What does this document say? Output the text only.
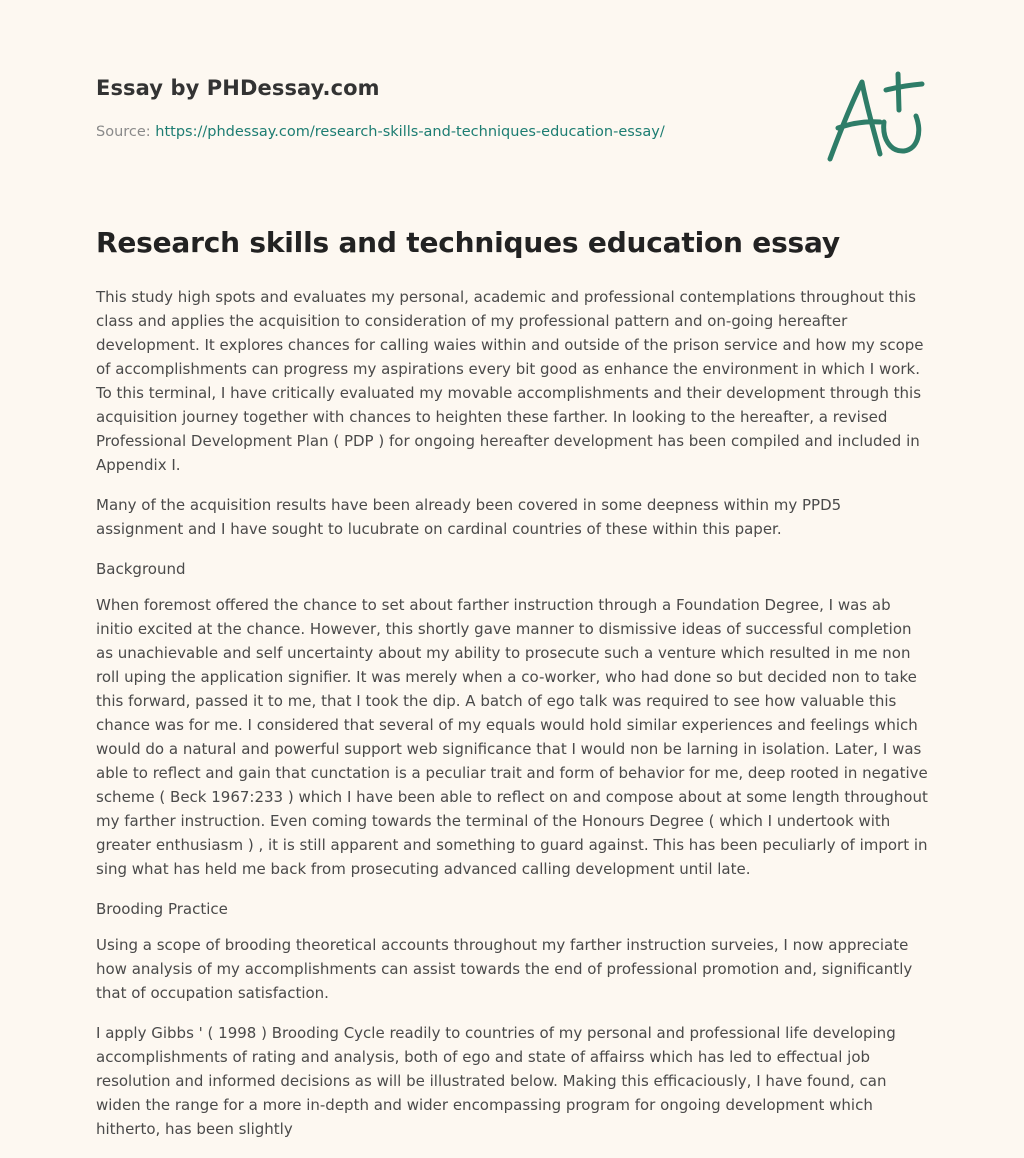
Essay by PHDessay.com
Source: https://phdessay.com/research-skills-and-techniques-education-essay/
Research skills and techniques education essay

This study high spots and evaluates my personal, academic and professional contemplations throughout this class and applies the acquisition to consideration of my professional pattern and on-going hereafter development. It explores chances for calling waies within and outside of the prison service and how my scope of accomplishments can progress my aspirations every bit good as enhance the environment in which I work. To this terminal, I have critically evaluated my movable accomplishments and their development through this acquisition journey together with chances to heighten these farther. In looking to the hereafter, a revised Professional Development Plan ( PDP ) for ongoing hereafter development has been compiled and included in Appendix I.

Many of the acquisition results have been already been covered in some deepness within my PPD5 assignment and I have sought to lucubrate on cardinal countries of these within this paper.

Background

When foremost offered the chance to set about farther instruction through a Foundation Degree, I was ab initio excited at the chance. However, this shortly gave manner to dismissive ideas of successful completion as unachievable and self uncertainty about my ability to prosecute such a venture which resulted in me non roll uping the application signifier. It was merely when a co-worker, who had done so but decided non to take this forward, passed it to me, that I took the dip. A batch of ego talk was required to see how valuable this chance was for me. I considered that several of my equals would hold similar experiences and feelings which would do a natural and powerful support web significance that I would non be larning in isolation. Later, I was able to reflect and gain that cunctation is a peculiar trait and form of behavior for me, deep rooted in negative scheme ( Beck 1967:233 ) which I have been able to reflect on and compose about at some length throughout my farther instruction. Even coming towards the terminal of the Honours Degree ( which I undertook with greater enthusiasm ) , it is still apparent and something to guard against. This has been peculiarly of import in sing what has held me back from prosecuting advanced calling development until late.

Brooding Practice

Using a scope of brooding theoretical accounts throughout my farther instruction surveies, I now appreciate how analysis of my accomplishments can assist towards the end of professional promotion and, significantly that of occupation satisfaction.

I apply Gibbs ' ( 1998 ) Brooding Cycle readily to countries of my personal and professional life developing accomplishments of rating and analysis, both of ego and state of affairss which has led to effectual job resolution and informed decisions as will be illustrated below. Making this efficaciously, I have found, can widen the range for a more in-depth and wider encompassing program for ongoing development which hitherto, has been slightly
